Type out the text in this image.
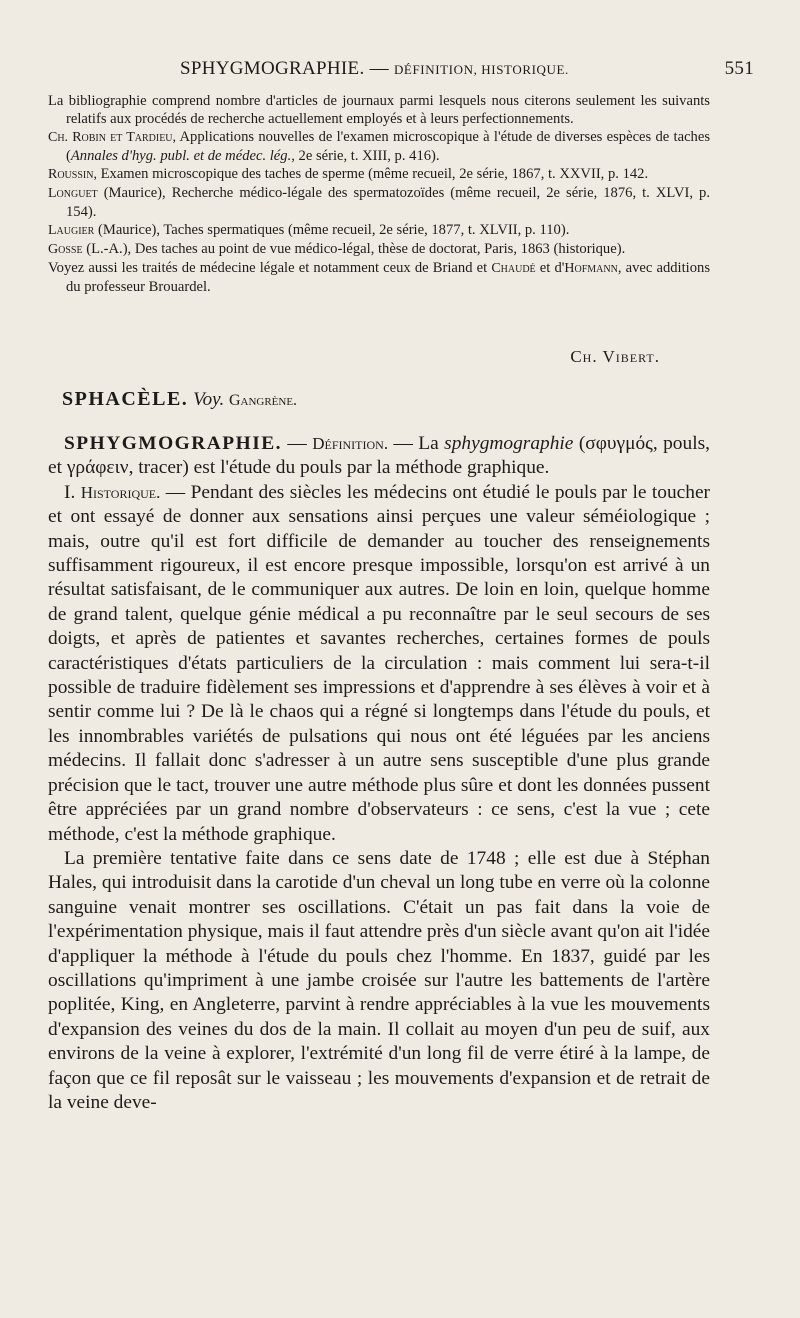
SPHYGMOGRAPHIE. — DÉFINITION, HISTORIQUE.	551

La bibliographie comprend nombre d'articles de journaux parmi lesquels nous citerons seulement les suivants relatifs aux procédés de recherche actuellement employés et à leurs perfectionnements.

Ch. Robin et Tardieu, Applications nouvelles de l'examen microscopique à l'étude de diverses espèces de taches (Annales d'hyg. publ. et de médec. lég., 2e série, t. XIII, p. 416).

Roussin, Examen microscopique des taches de sperme (même recueil, 2e série, 1867, t. XXVII, p. 142.

Longuet (Maurice), Recherche médico-légale des spermatozoïdes (même recueil, 2e série, 1876, t. XLVI, p. 154).

Laugier (Maurice), Taches spermatiques (même recueil, 2e série, 1877, t. XLVII, p. 110).

Gosse (L.-A.), Des taches au point de vue médico-légal, thèse de doctorat, Paris, 1863 (historique).

Voyez aussi les traités de médecine légale et notamment ceux de Briand et Chaudé et d'Hofmann, avec additions du professeur Brouardel.

Ch. Vibert.
SPHACÈLE. Voy. Gangrène.

SPHYGMOGRAPHIE. — Définition. — La sphygmographie (σφυγμός, pouls, et γράφειν, tracer) est l'étude du pouls par la méthode graphique.

I. Historique. — Pendant des siècles les médecins ont étudié le pouls par le toucher et ont essayé de donner aux sensations ainsi perçues une valeur séméiologique ; mais, outre qu'il est fort difficile de demander au toucher des renseignements suffisamment rigoureux, il est encore presque impossible, lorsqu'on est arrivé à un résultat satisfaisant, de le communiquer aux autres. De loin en loin, quelque homme de grand talent, quelque génie médical a pu reconnaître par le seul secours de ses doigts, et après de patientes et savantes recherches, certaines formes de pouls caractéristiques d'états particuliers de la circulation : mais comment lui sera-t-il possible de traduire fidèlement ses impressions et d'apprendre à ses élèves à voir et à sentir comme lui ? De là le chaos qui a régné si longtemps dans l'étude du pouls, et les innombrables variétés de pulsations qui nous ont été léguées par les anciens médecins. Il fallait donc s'adresser à un autre sens susceptible d'une plus grande précision que le tact, trouver une autre méthode plus sûre et dont les données pussent être appréciées par un grand nombre d'observateurs : ce sens, c'est la vue ; cete méthode, c'est la méthode graphique.

La première tentative faite dans ce sens date de 1748 ; elle est due à Stéphan Hales, qui introduisit dans la carotide d'un cheval un long tube en verre où la colonne sanguine venait montrer ses oscillations. C'était un pas fait dans la voie de l'expérimentation physique, mais il faut attendre près d'un siècle avant qu'on ait l'idée d'appliquer la méthode à l'étude du pouls chez l'homme. En 1837, guidé par les oscillations qu'impriment à une jambe croisée sur l'autre les battements de l'artère poplitée, King, en Angleterre, parvint à rendre appréciables à la vue les mouvements d'expansion des veines du dos de la main. Il collait au moyen d'un peu de suif, aux environs de la veine à explorer, l'extrémité d'un long fil de verre étiré à la lampe, de façon que ce fil reposât sur le vaisseau ; les mouvements d'expansion et de retrait de la veine deve-
